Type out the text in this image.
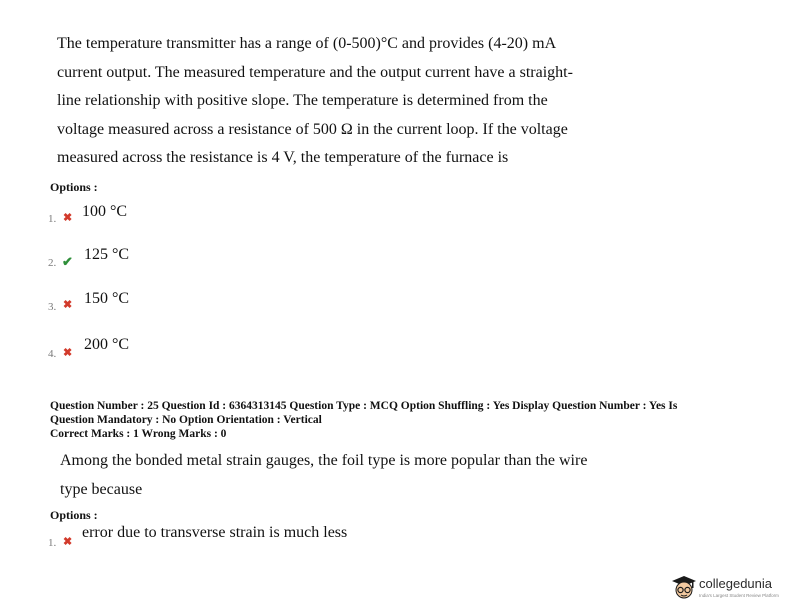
The temperature transmitter has a range of (0-500)°C and provides (4-20) mA
current output. The measured temperature and the output current have a straight-
line relationship with positive slope. The temperature is determined from the
voltage measured across a resistance of 500 Ω in the current loop. If the voltage
measured across the resistance is 4 V, the temperature of the furnace is
Options :
1. ✖ 100 °C
2. ✔ 125 °C
3. ✖ 150 °C
4. ✖ 200 °C
Question Number : 25 Question Id : 6364313145 Question Type : MCQ Option Shuffling : Yes Display Question Number : Yes Is
Question Mandatory : No Option Orientation : Vertical
Correct Marks : 1 Wrong Marks : 0
Among the bonded metal strain gauges, the foil type is more popular than the wire
type because
Options :
1. ✖
error due to transverse strain is much less
collegedunia
India's Largest Student Review Platform
